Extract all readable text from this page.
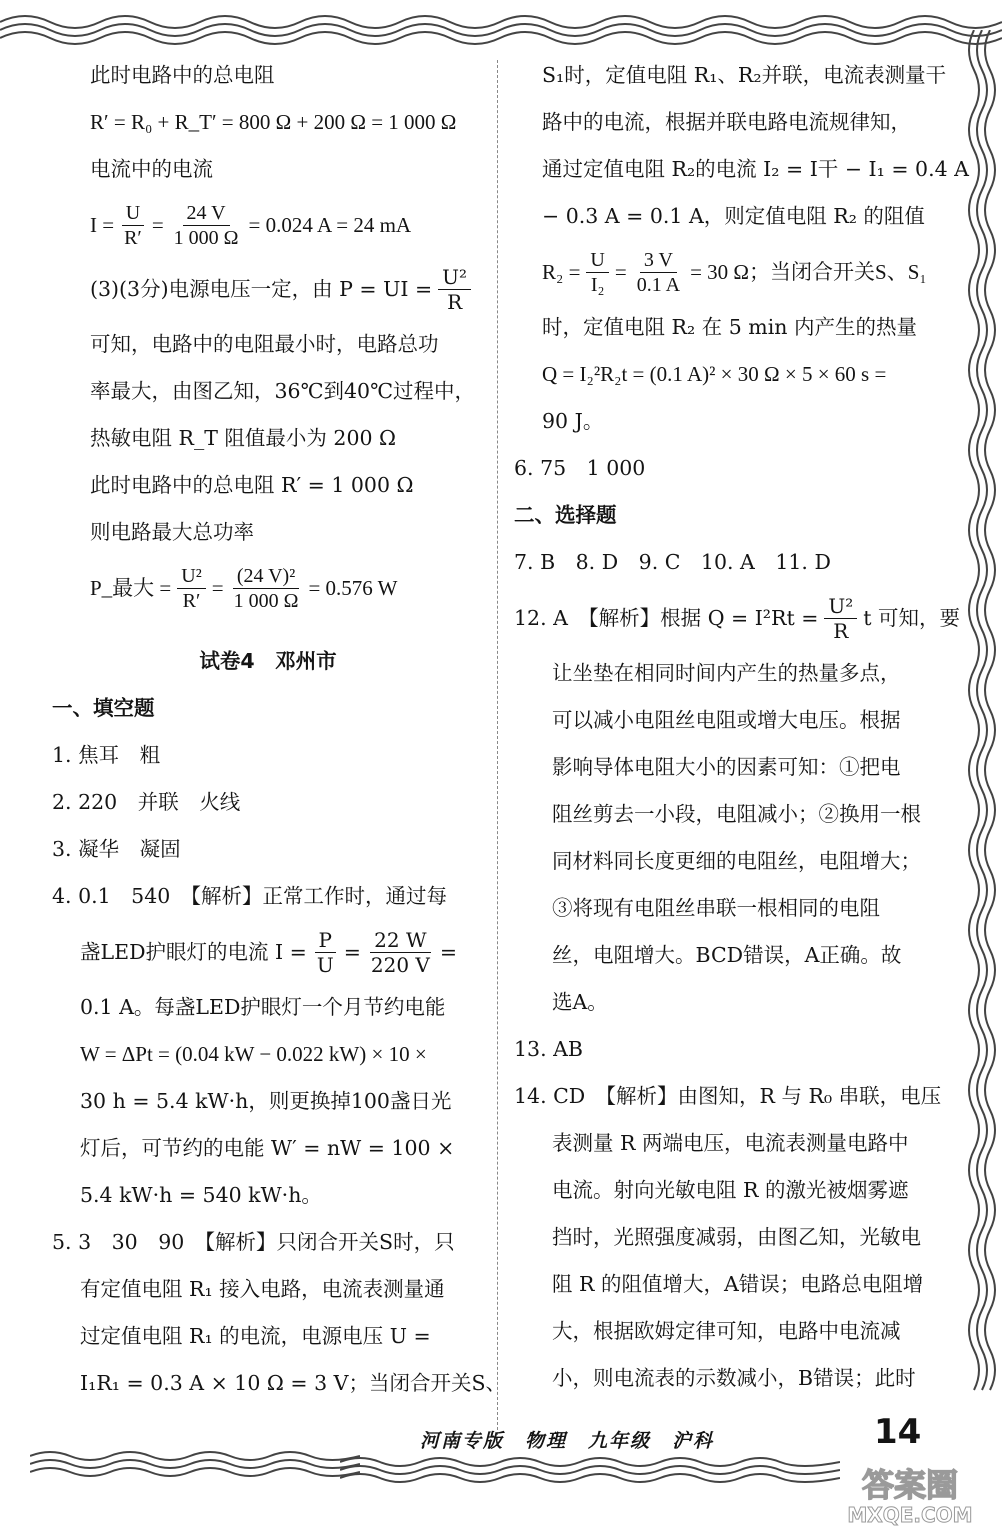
此时电路中的总电阻
R′ = R₀ + R_T′ = 800 Ω + 200 Ω = 1 000 Ω
电流中的电流
$I = \frac{U}{R'} = \frac{24 V}{1 000 \Omega} = 0.024$ A = 24 mA
(3)(3分)电源电压一定，由 P = UI = $\frac{\text{U²}}{R}$
可知，电路中的电阻最小时，电路总功
率最大，由图乙知，36℃到40℃过程中，
热敏电阻 R_T 阻值最小为 200 Ω
此时电路中的总电阻 R′ = 1 000 Ω
则电路最大总功率
P_最大 = $\frac{\text{U²}}{R'} = \frac{\text{(24 V)²}}{1 000 \Omega} = 0.576$ W
试卷4　邓州市
一、填空题
1. 焦耳　粗
2. 220　并联　火线
3. 凝华　凝固
4. 0.1　540　【解析】正常工作时，通过每
盏LED护眼灯的电流 $I = \frac{P}{U} = \frac{22 W}{220 V}$ =
0.1 A。每盏LED护眼灯一个月节约电能
W = ΔPt = (0.04 kW − 0.022 kW) × 10 ×
30 h = 5.4 kW·h，则更换掉100盏日光
灯后，可节约的电能 W′ = nW = 100 ×
5.4 kW·h = 540 kW·h。
5. 3　30　90　【解析】只闭合开关S时，只
有定值电阻 R₁ 接入电路，电流表测量通
过定值电阻 R₁ 的电流，电源电压 U =
I₁R₁ = 0.3 A × 10 Ω = 3 V；当闭合开关S、
S₁时，定值电阻 R₁、R₂并联，电流表测量干
路中的电流，根据并联电路电流规律知，
通过定值电阻 R₂的电流 I₂ = I干 − I₁ = 0.4 A
− 0.3 A = 0.1 A，则定值电阻 R₂ 的阻值
$R_2 = \frac{U}{\text{I₂}} = \frac{3 V}{0.1 A} = 30$ Ω；当闭合开关S、S₁
时，定值电阻 R₂ 在 5 min 内产生的热量
Q = I₂²R₂t = (0.1 A)² × 30 Ω × 5 × 60 s =
90 J。
6. 75　1 000
二、选择题
7. B　8. D　9. C　10. A　11. D
12. A　【解析】根据 $Q = I^2Rt = \frac{\text{U²}}{R}$ t 可知，要
让坐垫在相同时间内产生的热量多点，
可以减小电阻丝电阻或增大电压。根据
影响导体电阻大小的因素可知：①把电
阻丝剪去一小段，电阻减小；②换用一根
同材料同长度更细的电阻丝，电阻增大；
③将现有电阻丝串联一根相同的电阻
丝，电阻增大。BCD错误，A正确。故
选A。
13. AB
14. CD　【解析】由图知，R 与 R₀ 串联，电压
表测量 R 两端电压，电流表测量电路中
电流。射向光敏电阻 R 的激光被烟雾遮
挡时，光照强度减弱，由图乙知，光敏电
阻 R 的阻值增大，A错误；电路总电阻增
大，根据欧姆定律可知，电路中电流减
小，则电流表的示数减小，B错误；此时
河南专版　物理　九年级　沪科	14
答案圈
MXQE.COM
